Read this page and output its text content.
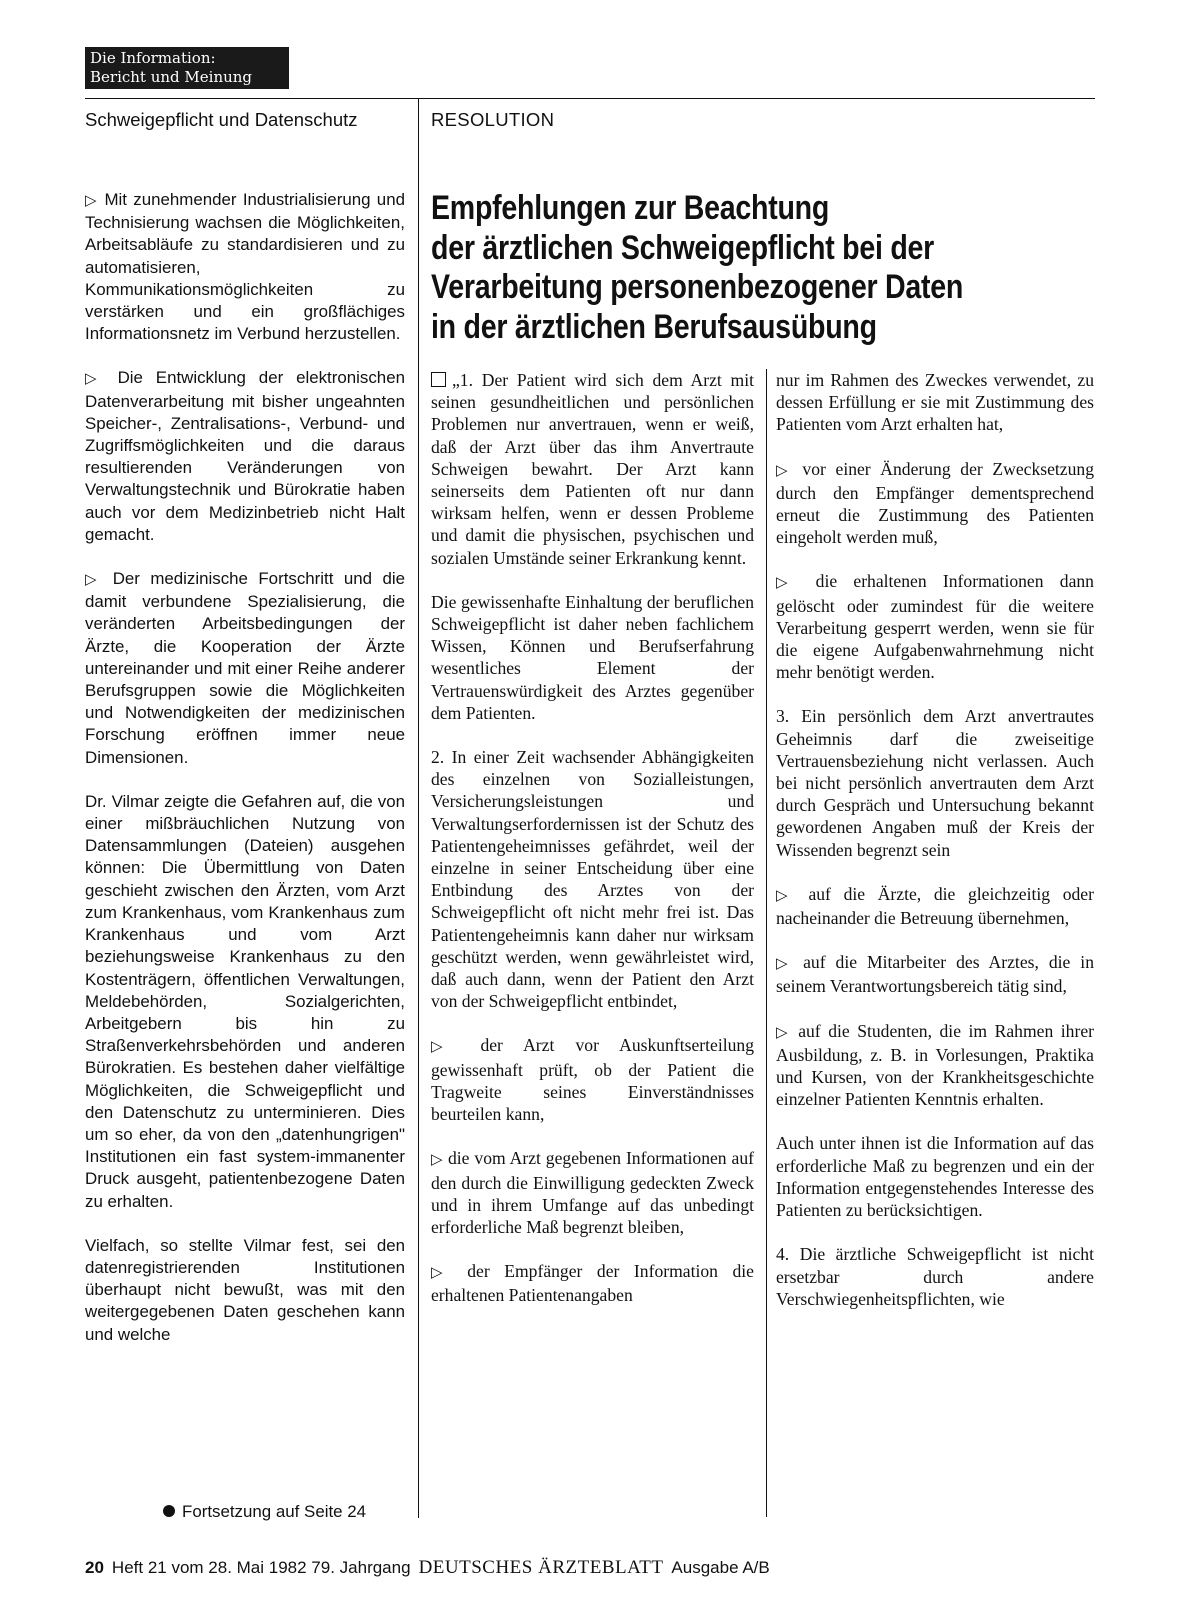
Die Information:
Bericht und Meinung
Schweigepflicht und Datenschutz	RESOLUTION
Empfehlungen zur Beachtung
der ärztlichen Schweigepflicht bei der
Verarbeitung personenbezogener Daten
in der ärztlichen Berufsausübung

▷ Mit zunehmender Industrialisierung und Technisierung wachsen die Möglichkeiten, Arbeitsabläufe zu standardisieren und zu automatisieren, Kommunikationsmöglichkeiten zu verstärken und ein großflächiges Informationsnetz im Verbund herzustellen.

▷ Die Entwicklung der elektronischen Datenverarbeitung mit bisher ungeahnten Speicher-, Zentralisations-, Verbund- und Zugriffsmöglichkeiten und die daraus resultierenden Veränderungen von Verwaltungstechnik und Bürokratie haben auch vor dem Medizinbetrieb nicht Halt gemacht.

▷ Der medizinische Fortschritt und die damit verbundene Spezialisierung, die veränderten Arbeitsbedingungen der Ärzte, die Kooperation der Ärzte untereinander und mit einer Reihe anderer Berufsgruppen sowie die Möglichkeiten und Notwendigkeiten der medizinischen Forschung eröffnen immer neue Dimensionen.

Dr. Vilmar zeigte die Gefahren auf, die von einer mißbräuchlichen Nutzung von Datensammlungen (Dateien) ausgehen können: Die Übermittlung von Daten geschieht zwischen den Ärzten, vom Arzt zum Krankenhaus, vom Krankenhaus zum Krankenhaus und vom Arzt beziehungsweise Krankenhaus zu den Kostenträgern, öffentlichen Verwaltungen, Meldebehörden, Sozialgerichten, Arbeitgebern bis hin zu Straßenverkehrsbehörden und anderen Bürokratien. Es bestehen daher vielfältige Möglichkeiten, die Schweigepflicht und den Datenschutz zu unterminieren. Dies um so eher, da von den „datenhungrigen" Institutionen ein fast system-immanenter Druck ausgeht, patientenbezogene Daten zu erhalten.

Vielfach, so stellte Vilmar fest, sei den datenregistrierenden Institutionen überhaupt nicht bewußt, was mit den weitergegebenen Daten geschehen kann und welche

Fortsetzung auf Seite 24

„1. Der Patient wird sich dem Arzt mit seinen gesundheitlichen und persönlichen Problemen nur anvertrauen, wenn er weiß, daß der Arzt über das ihm Anvertraute Schweigen bewahrt. Der Arzt kann seinerseits dem Patienten oft nur dann wirksam helfen, wenn er dessen Probleme und damit die physischen, psychischen und sozialen Umstände seiner Erkrankung kennt.

Die gewissenhafte Einhaltung der beruflichen Schweigepflicht ist daher neben fachlichem Wissen, Können und Berufserfahrung wesentliches Element der Vertrauenswürdigkeit des Arztes gegenüber dem Patienten.

2. In einer Zeit wachsender Abhängigkeiten des einzelnen von Sozialleistungen, Versicherungsleistungen und Verwaltungserfordernissen ist der Schutz des Patientengeheimnisses gefährdet, weil der einzelne in seiner Entscheidung über eine Entbindung des Arztes von der Schweigepflicht oft nicht mehr frei ist. Das Patientengeheimnis kann daher nur wirksam geschützt werden, wenn gewährleistet wird, daß auch dann, wenn der Patient den Arzt von der Schweigepflicht entbindet,

▷ der Arzt vor Auskunftserteilung gewissenhaft prüft, ob der Patient die Tragweite seines Einverständnisses beurteilen kann,

▷ die vom Arzt gegebenen Informationen auf den durch die Einwilligung gedeckten Zweck und in ihrem Umfange auf das unbedingt erforderliche Maß begrenzt bleiben,

▷ der Empfänger der Information die erhaltenen Patientenangaben

nur im Rahmen des Zweckes verwendet, zu dessen Erfüllung er sie mit Zustimmung des Patienten vom Arzt erhalten hat,

▷ vor einer Änderung der Zwecksetzung durch den Empfänger dementsprechend erneut die Zustimmung des Patienten eingeholt werden muß,

▷ die erhaltenen Informationen dann gelöscht oder zumindest für die weitere Verarbeitung gesperrt werden, wenn sie für die eigene Aufgabenwahrnehmung nicht mehr benötigt werden.

3. Ein persönlich dem Arzt anvertrautes Geheimnis darf die zweiseitige Vertrauensbeziehung nicht verlassen. Auch bei nicht persönlich anvertrauten dem Arzt durch Gespräch und Untersuchung bekannt gewordenen Angaben muß der Kreis der Wissenden begrenzt sein

▷ auf die Ärzte, die gleichzeitig oder nacheinander die Betreuung übernehmen,

▷ auf die Mitarbeiter des Arztes, die in seinem Verantwortungsbereich tätig sind,

▷ auf die Studenten, die im Rahmen ihrer Ausbildung, z. B. in Vorlesungen, Praktika und Kursen, von der Krankheitsgeschichte einzelner Patienten Kenntnis erhalten.

Auch unter ihnen ist die Information auf das erforderliche Maß zu begrenzen und ein der Information entgegenstehendes Interesse des Patienten zu berücksichtigen.

4. Die ärztliche Schweigepflicht ist nicht ersetzbar durch andere Verschwiegenheitspflichten, wie

20 Heft 21 vom 28. Mai 1982 79. Jahrgang DEUTSCHES ÄRZTEBLATT Ausgabe A/B
